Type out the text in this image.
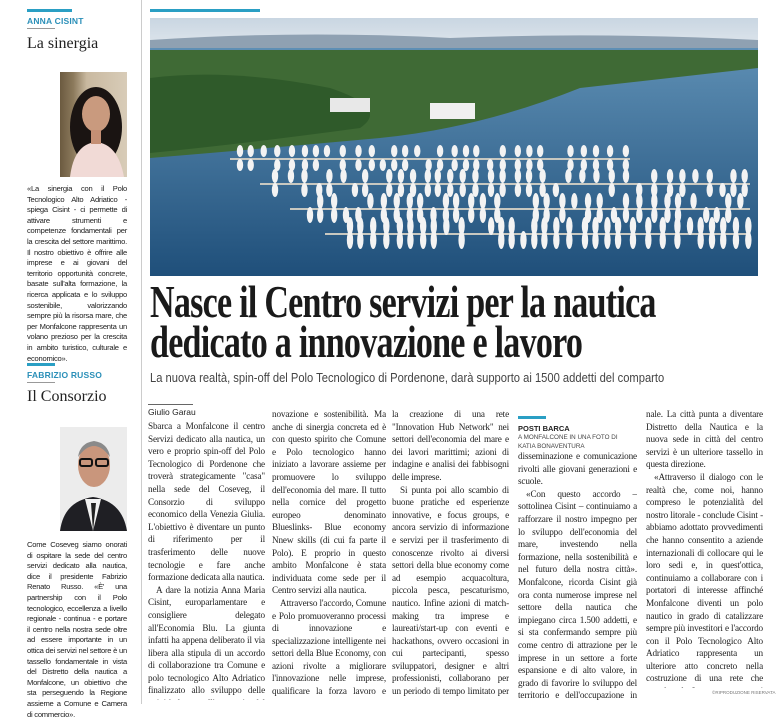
ANNA CISINT
La sinergia
«La sinergia con il Polo Tecnologico Alto Adriatico - spiega Cisint - ci permette di attivare strumenti e competenze fondamentali per la crescita del settore marittimo. Il nostro obiettivo è offrire alle imprese e ai giovani del territorio opportunità concrete, basate sull'alta formazione, la ricerca applicata e lo sviluppo sostenibile, valorizzando sempre più la risorsa mare, che per Monfalcone rappresenta un volano prezioso per la crescita in ambito turistico, culturale e economico».
FABRIZIO RUSSO
Il Consorzio
Come Coseveg siamo onorati di ospitare la sede del centro servizi dedicato alla nautica, dice il presidente Fabrizio Renato Russo. «È' una partnership con il Polo tecnologico, eccellenza a livello regionale - continua - e portare il centro nella nostra sede oltre ad essere importante in un ottica dei servizi nel settore è un tassello fondamentale in vista del Distretto della nautica a Monfalcone, un obiettivo che sta perseguendo la Regione assieme a Comune e Camera di commercio».
Nasce il Centro servizi per la nautica
dedicato a innovazione e lavoro
La nuova realtà, spin-off del Polo Tecnologico di Pordenone, darà supporto ai 1500 addetti del comparto
Giulio Garau

Sbarca a Monfalcone il centro Servizi dedicato alla nautica, un vero e proprio spin-off del Polo Tecnologico di Pordenone che troverà strategicamente "casa" nella sede del Coseveg, il Consorzio di sviluppo economico della Venezia Giulia. L'obiettivo è diventare un punto di riferimento per il trasferimento delle nuove tecnologie e fare anche formazione dedicata alla nautica.

A dare la notizia Anna Maria Cisint, europarlamentare e consigliere delegato all'Economia Blu. La giunta infatti ha appena deliberato il via libera alla stipula di un accordo di collaborazione tra Comune e polo tecnologico Alto Adriatico finalizzato allo sviluppo delle

novazione e sostenibilità. Ma anche di sinergia concreta ed è con questo spirito che Comune e Polo tecnologico hanno iniziato a lavorare assieme per promuovere lo sviluppo dell'economia del mare. Il tutto nella cornice del progetto europeo denominato Blueslinks- Blue economy Nnew skills (di cui fa parte il Polo). E proprio in questo ambito Monfalcone è stata individuata come sede per il Centro servizi alla nautica.

Attraverso l'accordo, Comune e Polo promuoveranno processi di innovazione e specializzazione intelligente nei settori della Blue Economy, con azioni rivolte a migliorare l'innovazione nelle imprese, qualificare la forza lavoro e

la creazione di una rete "Innovation Hub Network" nei settori dell'economia del mare e dei lavori marittimi; azioni di indagine e analisi dei fabbisogni delle imprese.

Si punta poi allo scambio di buone pratiche ed esperienze innovative, e focus groups, e ancora servizio di informazione e servizi per il trasferimento di conoscenze rivolto ai diversi settori della blue economy come ad esempio acquacoltura, piccola pesca, pescaturismo, nautico. Infine azioni di match-making tra imprese e laureati/start-up con eventi e hackathons, ovvero occasioni in cui partecipanti, spesso sviluppatori, designer e altri professionisti, collaborano per un periodo di tempo limitato per

POSTI BARCA
A MONFALCONE IN UNA FOTO DI KATIA BONAVENTURA

disseminazione e comunicazione rivolti alle giovani generazioni e scuole.

«Con questo accordo – sottolinea Cisint – continuiamo a rafforzare il nostro impegno per lo sviluppo dell'economia del mare, investendo nella formazione, nella sostenibilità e nel futuro della nostra città». Monfalcone, ricorda Cisint già ora conta numerose imprese nel settore della nautica che impiegano circa 1.500 addetti, e si sta confermando sempre più come centro di attrazione per le imprese in un settore a forte espansione e di alto valore, in grado di favorire lo sviluppo del territorio e dell'occupazione in

nale. La città punta a diventare Distretto della Nautica e la nuova sede in città del centro servizi è un ulteriore tassello in questa direzione.

«Attraverso il dialogo con le realtà che, come noi, hanno compreso le potenzialità del nostro litorale - conclude Cisint - abbiamo adottato provvedimenti che hanno consentito a aziende internazionali di collocare qui le loro sedi e, in quest'ottica, continuiamo a collaborare con i portatori di interesse affinché Monfalcone diventi un polo nautico in grado di catalizzare sempre più investitori e l'accordo con il Polo Tecnologico Alto Adriatico rappresenta un ulteriore atto concreto nella costruzione di una rete che

©RIPRODUZIONE RISERVATA
